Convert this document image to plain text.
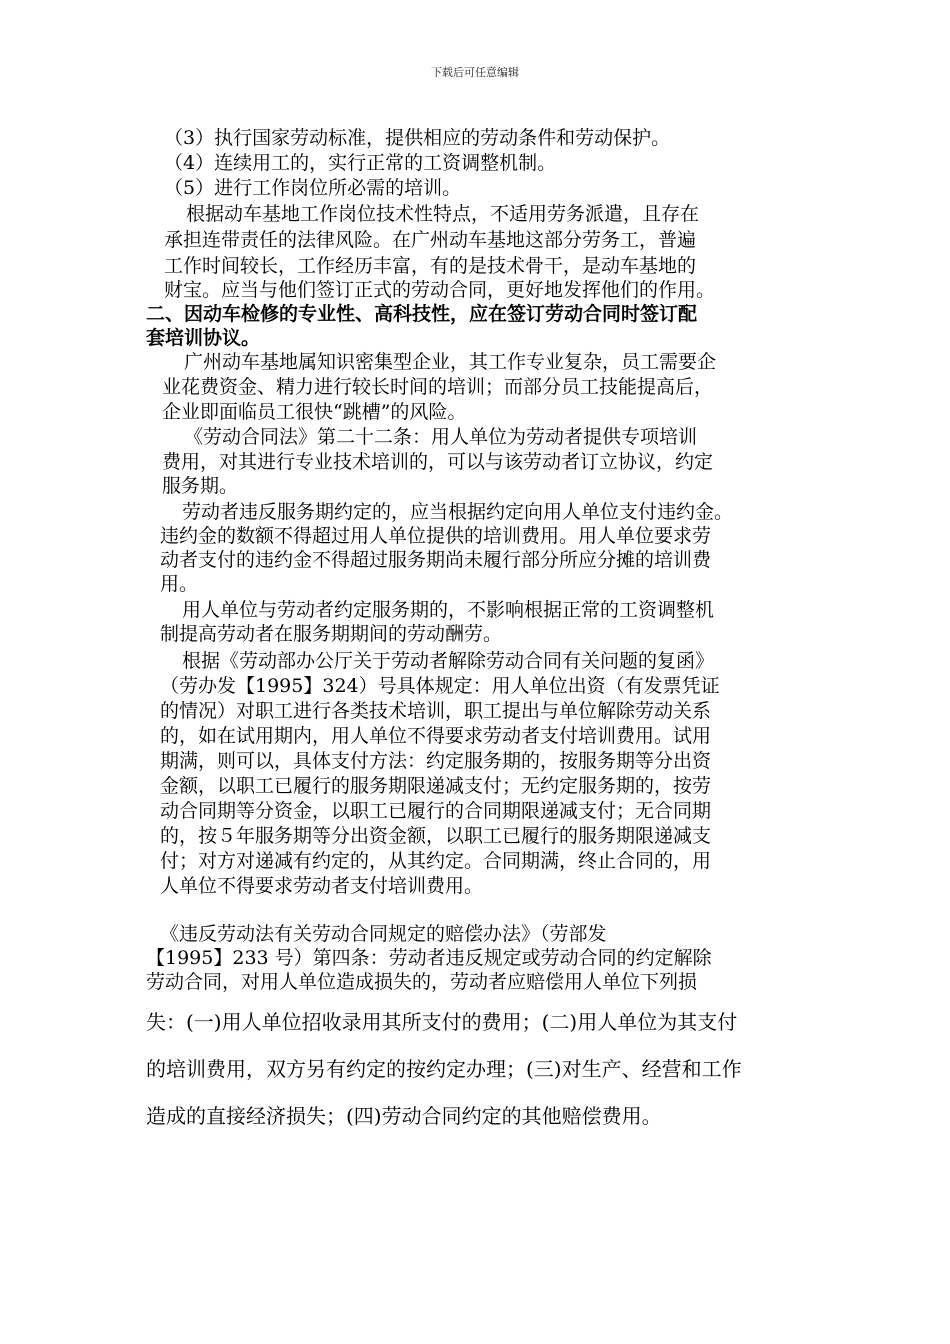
下载后可任意编辑
（3）执行国家劳动标准，提供相应的劳动条件和劳动保护。
（4）连续用工的，实行正常的工资调整机制。
（5）进行工作岗位所必需的培训。
根据动车基地工作岗位技术性特点，不适用劳务派遣，且存在
承担连带责任的法律风险。在广州动车基地这部分劳务工，普遍
工作时间较长，工作经历丰富，有的是技术骨干，是动车基地的
财宝。应当与他们签订正式的劳动合同，更好地发挥他们的作用。
二、因动车检修的专业性、高科技性，应在签订劳动合同时签订配
套培训协议。
广州动车基地属知识密集型企业，其工作专业复杂，员工需要企
业花费资金、精力进行较长时间的培训；而部分员工技能提高后，
企业即面临员工很快“跳槽”的风险。
《劳动合同法》第二十二条：用人单位为劳动者提供专项培训
费用，对其进行专业技术培训的，可以与该劳动者订立协议，约定
服务期。
劳动者违反服务期约定的，应当根据约定向用人单位支付违约金。
违约金的数额不得超过用人单位提供的培训费用。用人单位要求劳
动者支付的违约金不得超过服务期尚未履行部分所应分摊的培训费
用。
用人单位与劳动者约定服务期的，不影响根据正常的工资调整机
制提高劳动者在服务期期间的劳动酬劳。
根据《劳动部办公厅关于劳动者解除劳动合同有关问题的复函》
（劳办发【1995】324）号具体规定：用人单位出资（有发票凭证
的情况）对职工进行各类技术培训，职工提出与单位解除劳动关系
的，如在试用期内，用人单位不得要求劳动者支付培训费用。试用
期满，则可以，具体支付方法：约定服务期的，按服务期等分出资
金额，以职工已履行的服务期限递减支付；无约定服务期的，按劳
动合同期等分资金，以职工已履行的合同期限递减支付；无合同期
的，按５年服务期等分出资金额，以职工已履行的服务期限递减支
付；对方对递减有约定的，从其约定。合同期满，终止合同的，用
人单位不得要求劳动者支付培训费用。
《违反劳动法有关劳动合同规定的赔偿办法》（劳部发
【1995】233 号）第四条：劳动者违反规定或劳动合同的约定解除
劳动合同，对用人单位造成损失的，劳动者应赔偿用人单位下列损
失：(一)用人单位招收录用其所支付的费用；(二)用人单位为其支付
的培训费用，双方另有约定的按约定办理；(三)对生产、经营和工作
造成的直接经济损失；(四)劳动合同约定的其他赔偿费用。
